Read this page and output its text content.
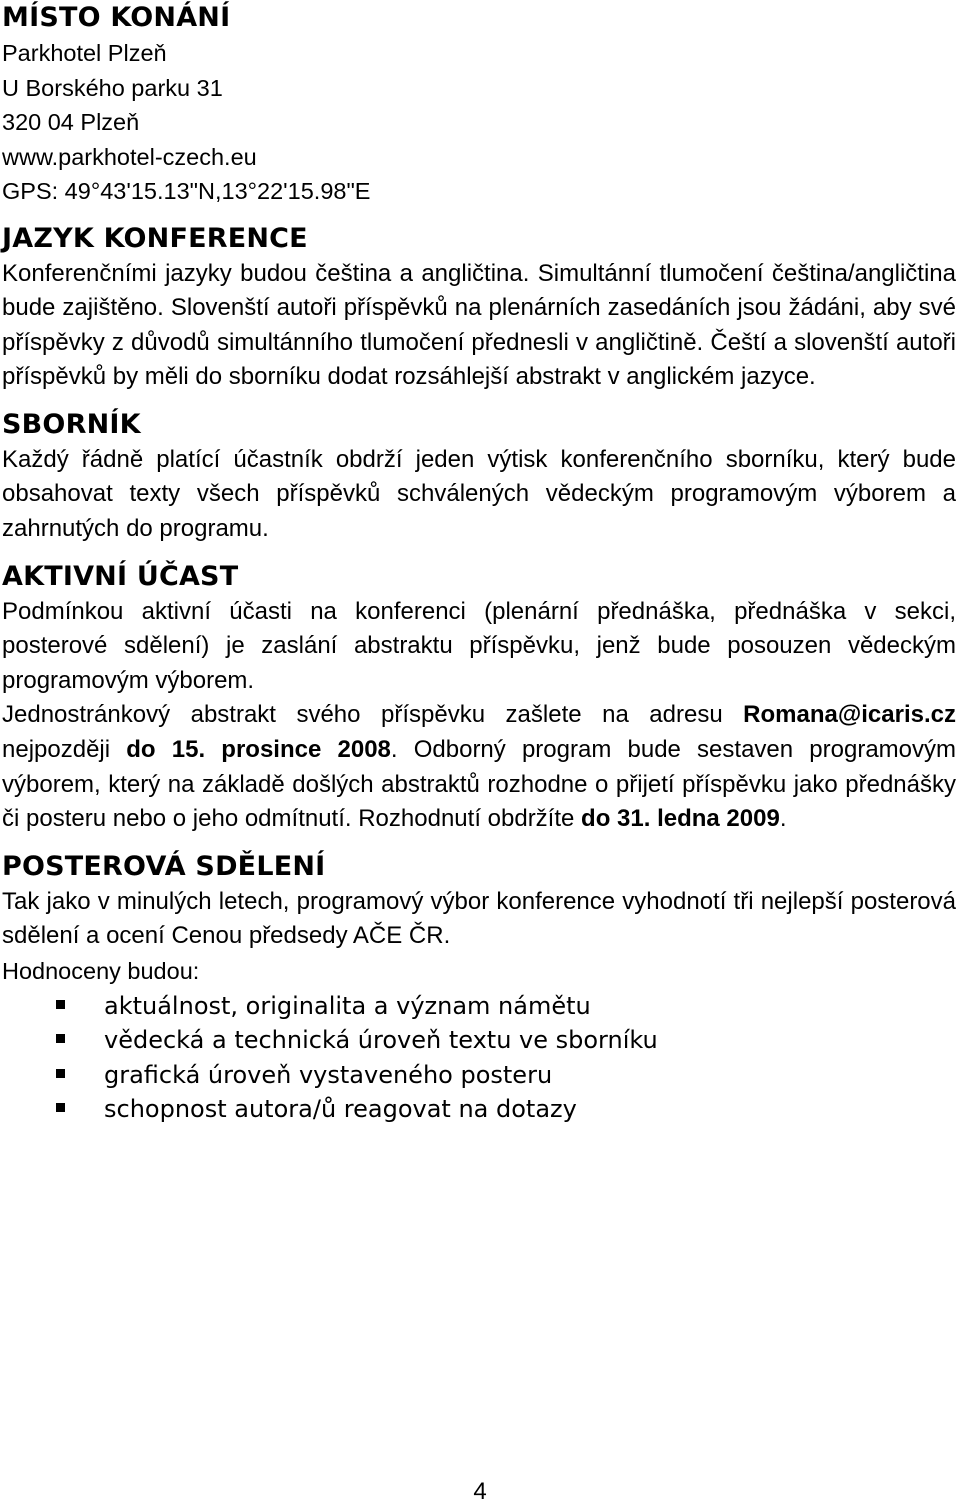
MÍSTO KONÁNÍ

Parkhotel Plzeň

U Borského parku 31

320 04 Plzeň

www.parkhotel-czech.eu

GPS: 49°43'15.13"N,13°22'15.98"E

JAZYK KONFERENCE

Konferenčními jazyky budou čeština a angličtina. Simultánní tlumočení čeština/angličtina bude zajištěno. Slovenští autoři příspěvků na plenárních zasedáních jsou žádáni, aby své příspěvky z důvodů simultánního tlumočení přednesli v angličtině. Čeští a slovenští autoři příspěvků by měli do sborníku dodat rozsáhlejší abstrakt v anglickém jazyce.

SBORNÍK

Každý řádně platící účastník obdrží jeden výtisk konferenčního sborníku, který bude obsahovat texty všech příspěvků schválených vědeckým programovým výborem a zahrnutých do programu.

AKTIVNÍ ÚČAST

Podmínkou aktivní účasti na konferenci (plenární přednáška, přednáška v sekci, posterové sdělení) je zaslání abstraktu příspěvku, jenž bude posouzen vědeckým programovým výborem.

Jednostránkový abstrakt svého příspěvku zašlete na adresu Romana@icaris.cz nejpozději do 15. prosince 2008. Odborný program bude sestaven programovým výborem, který na základě došlých abstraktů rozhodne o přijetí příspěvku jako přednášky či posteru nebo o jeho odmítnutí. Rozhodnutí obdržíte do 31. ledna 2009.

POSTEROVÁ SDĚLENÍ

Tak jako v minulých letech, programový výbor konference vyhodnotí tři nejlepší posterová sdělení a ocení Cenou předsedy AČE ČR.

Hodnoceny budou:

aktuálnost, originalita a význam námětu
vědecká a technická úroveň textu ve sborníku
grafická úroveň vystaveného posteru
schopnost autora/ů reagovat na dotazy
4
